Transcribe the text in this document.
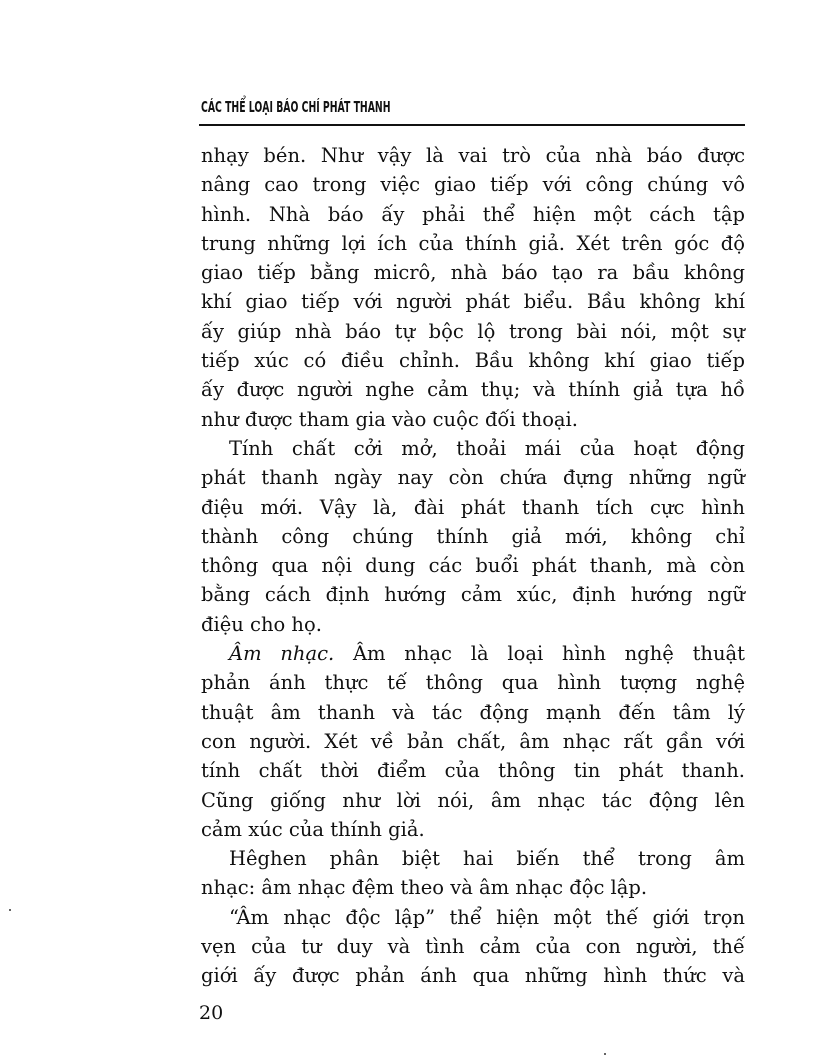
CÁC THỂ LOẠI BÁO CHÍ PHÁT THANH
nhạy bén. Như vậy là vai trò của nhà báo được
nâng cao trong việc giao tiếp với công chúng vô
hình. Nhà báo ấy phải thể hiện một cách tập
trung những lợi ích của thính giả. Xét trên góc độ
giao tiếp bằng micrô, nhà báo tạo ra bầu không
khí giao tiếp với người phát biểu. Bầu không khí
ấy giúp nhà báo tự bộc lộ trong bài nói, một sự
tiếp xúc có điều chỉnh. Bầu không khí giao tiếp
ấy được người nghe cảm thụ; và thính giả tựa hồ
như được tham gia vào cuộc đối thoại.
Tính chất cởi mở, thoải mái của hoạt động
phát thanh ngày nay còn chứa đựng những ngữ
điệu mới. Vậy là, đài phát thanh tích cực hình
thành công chúng thính giả mới, không chỉ
thông qua nội dung các buổi phát thanh, mà còn
bằng cách định hướng cảm xúc, định hướng ngữ
điệu cho họ.
Âm nhạc. Âm nhạc là loại hình nghệ thuật
phản ánh thực tế thông qua hình tượng nghệ
thuật âm thanh và tác động mạnh đến tâm lý
con người. Xét về bản chất, âm nhạc rất gần với
tính chất thời điểm của thông tin phát thanh.
Cũng giống như lời nói, âm nhạc tác động lên
cảm xúc của thính giả.
Hêghen phân biệt hai biến thể trong âm
nhạc: âm nhạc đệm theo và âm nhạc độc lập.
“Âm nhạc độc lập” thể hiện một thế giới trọn
vẹn của tư duy và tình cảm của con người, thế
giới ấy được phản ánh qua những hình thức và
20
